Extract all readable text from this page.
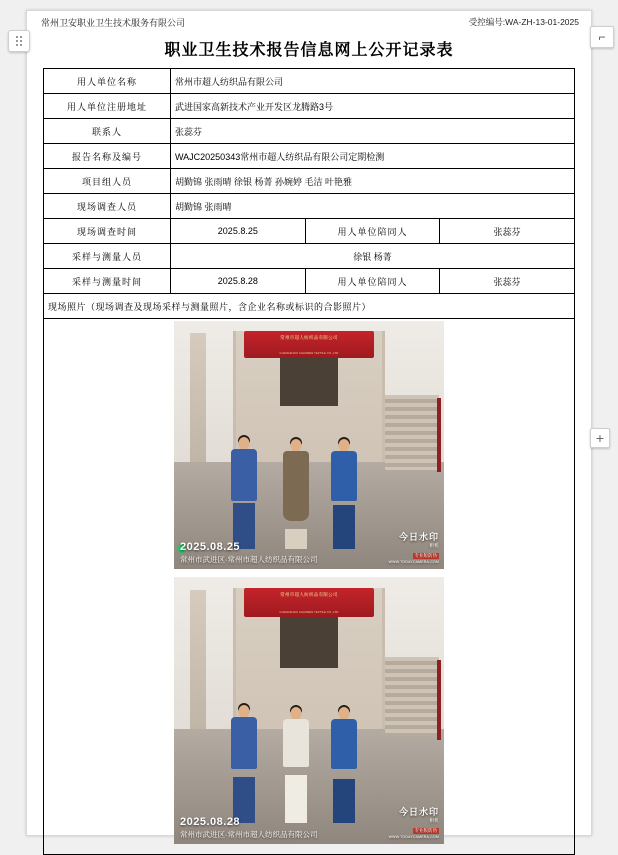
常州卫安职业卫生技术服务有限公司	受控编号:WA-ZH-13-01-2025
职业卫生技术报告信息网上公开记录表
用人单位名称	常州市超人纺织品有限公司		
用人单位注册地址	武进国家高新技术产业开发区龙腾路3号		
联系人	张蕊芬		
报告名称及编号	WAJC20250343常州市超人纺织品有限公司定期检测		
项目组人员	胡勤锦 张雨晴 徐银 杨菁 孙婉婷 毛洁 叶艳雅		
现场调查人员	胡勤锦 张雨晴		
现场调查时间	2025.8.25	用人单位陪同人	张蕊芬
采样与测量人员	徐银 杨菁		
采样与测量时间	2025.8.28	用人单位陪同人	张蕊芬
现场照片（现场调查及现场采样与测量照片，含企业名称或标识的合影照片）			

常州市超人纺织品有限公司
CHANGZHOU CHAOREN TEXTILE CO.,LTD
2025.08.25
常州市武进区·常州市超人纺织品有限公司
今日水印
相机
专业版防伪
WWW.TODAYCAMERA.COM
常州市超人纺织品有限公司
CHANGZHOU CHAOREN TEXTILE CO.,LTD
2025.08.28
常州市武进区·常州市超人纺织品有限公司
今日水印
相机
专业版防伪
WWW.TODAYCAMERA.COM
⌐
+
